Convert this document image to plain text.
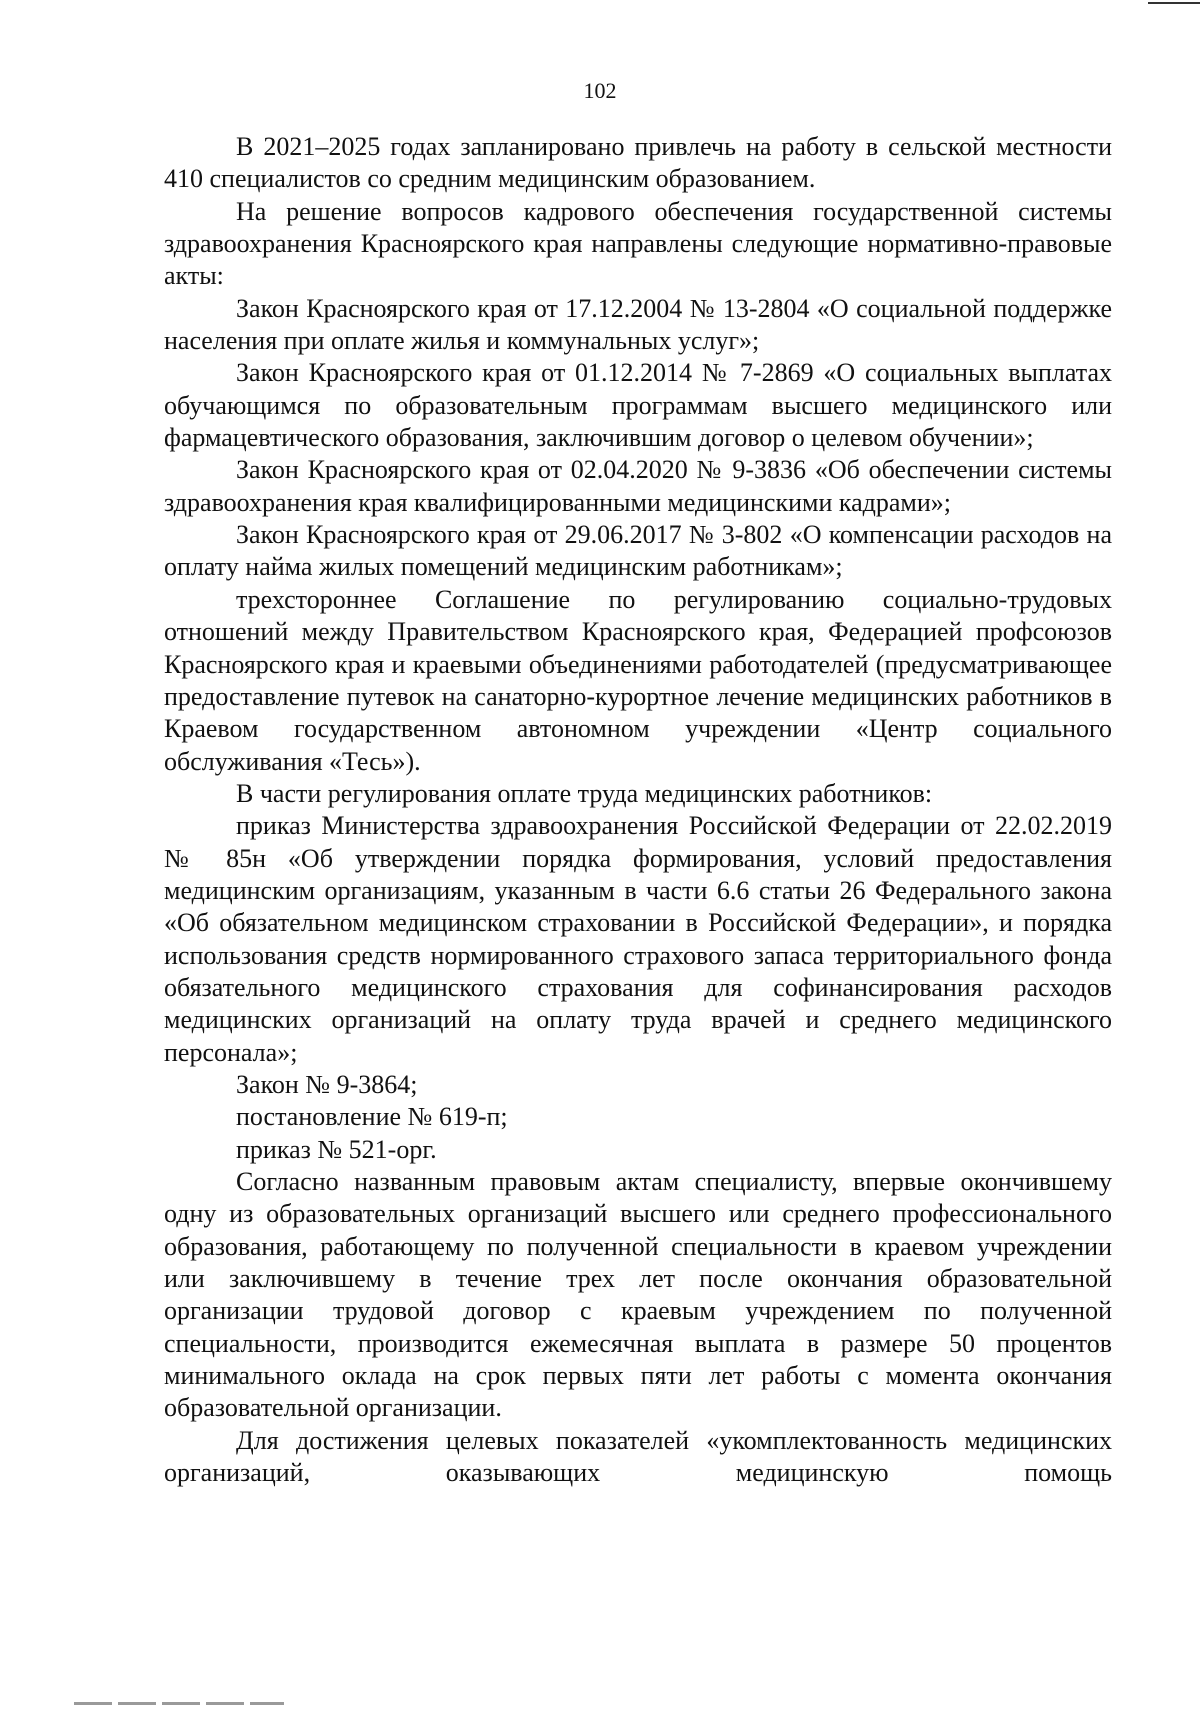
102

В 2021–2025 годах запланировано привлечь на работу в сельской местности 410 специалистов со средним медицинским образованием.

На решение вопросов кадрового обеспечения государственной системы здравоохранения Красноярского края направлены следующие нормативно-правовые акты:

Закон Красноярского края от 17.12.2004 № 13-2804 «О социальной поддержке населения при оплате жилья и коммунальных услуг»;

Закон Красноярского края от 01.12.2014 № 7-2869 «О социальных выплатах обучающимся по образовательным программам высшего медицинского или фармацевтического образования, заключившим договор о целевом обучении»;

Закон Красноярского края от 02.04.2020 № 9-3836 «Об обеспечении системы здравоохранения края квалифицированными медицинскими кадрами»;

Закон Красноярского края от 29.06.2017 № 3-802 «О компенсации расходов на оплату найма жилых помещений медицинским работникам»;

трехстороннее Соглашение по регулированию социально-трудовых отношений между Правительством Красноярского края, Федерацией профсоюзов Красноярского края и краевыми объединениями работодателей (предусматривающее предоставление путевок на санаторно-курортное лечение медицинских работников в Краевом государственном автономном учреждении «Центр социального обслуживания «Тесь»).

В части регулирования оплате труда медицинских работников:

приказ Министерства здравоохранения Российской Федерации от 22.02.2019 № 85н «Об утверждении порядка формирования, условий предоставления медицинским организациям, указанным в части 6.6 статьи 26 Федерального закона «Об обязательном медицинском страховании в Российской Федерации», и порядка использования средств нормированного страхового запаса территориального фонда обязательного медицинского страхования для софинансирования расходов медицинских организаций на оплату труда врачей и среднего медицинского персонала»;

Закон № 9-3864;

постановление № 619-п;

приказ № 521-орг.

Согласно названным правовым актам специалисту, впервые окончившему одну из образовательных организаций высшего или среднего профессионального образования, работающему по полученной специальности в краевом учреждении или заключившему в течение трех лет после окончания образовательной организации трудовой договор с краевым учреждением по полученной специальности, производится ежемесячная выплата в размере 50 процентов минимального оклада на срок первых пяти лет работы с момента окончания образовательной организации.

Для достижения целевых показателей «укомплектованность медицинских организаций, оказывающих медицинскую помощь
